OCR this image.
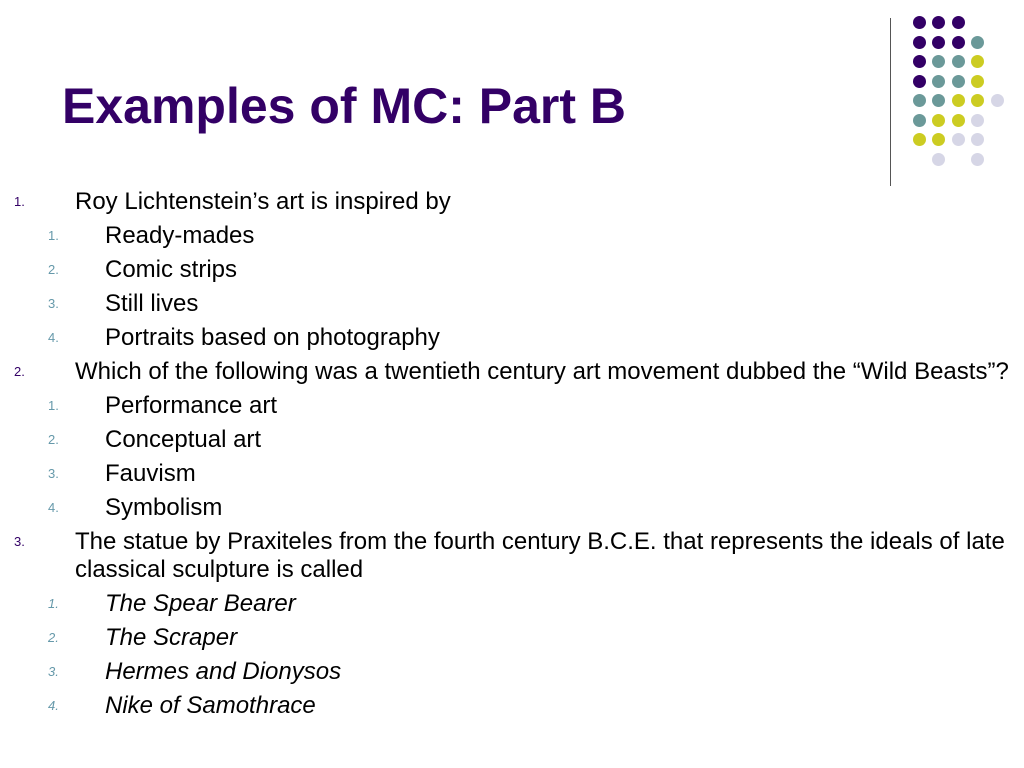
Examples of MC: Part B
1. Roy Lichtenstein’s art is inspired by
1. Ready-mades
2. Comic strips
3. Still lives
4. Portraits based on photography
2. Which of the following was a twentieth century art movement dubbed the “Wild Beasts”?
1. Performance art
2. Conceptual art
3. Fauvism
4. Symbolism
3. The statue by Praxiteles from the fourth century B.C.E. that represents the ideals of late classical sculpture is called
1. The Spear Bearer
2. The Scraper
3. Hermes and Dionysos
4. Nike of Samothrace
